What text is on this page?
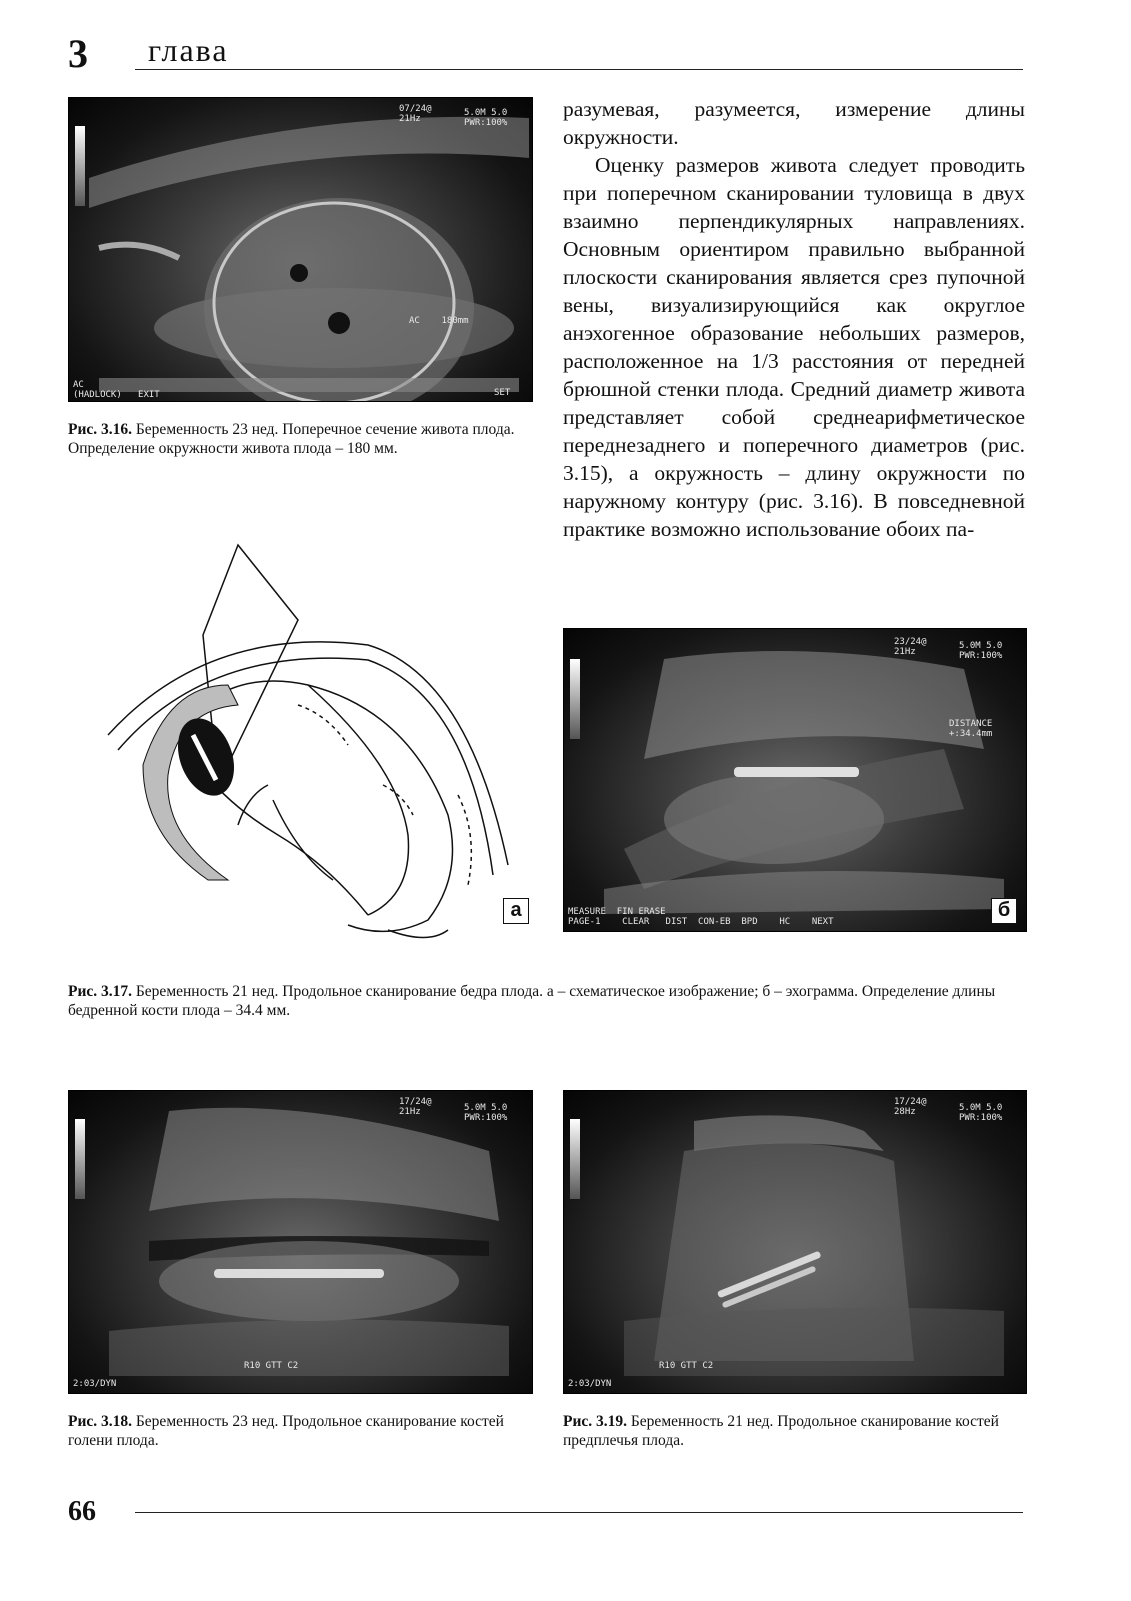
3 глава
07/24@
21Hz
5.0M 5.0
PWR:100%
AC    180mm
AC
(HADLOCK)   EXIT	SET
Рис. 3.16. Беременность 23 нед. Поперечное сечение живота плода. Определение окружности живота плода – 180 мм.

разумевая, разумеется, измерение длины окружности.

Оценку размеров живота следует проводить при поперечном сканировании туловища в двух взаимно перпендикулярных направлениях. Основным ориентиром правильно выбранной плоскости сканирования является срез пупочной вены, визуализирующийся как округлое анэхогенное образование небольших размеров, расположенное на 1/3 расстояния от передней брюшной стенки плода. Средний диаметр живота представляет собой среднеарифметическое переднезаднего и поперечного диаметров (рис. 3.15), а окружность – длину окружности по наружному контуру (рис. 3.16). В повседневной практике возможно использование обоих па-

а
23/24@
21Hz
5.0M 5.0
PWR:100%
DISTANCE
+:34.4mm
MEASURE  FIN ERASE
PAGE-1    CLEAR   DIST  CON-EB  BPD    HC    NEXT
б
Рис. 3.17. Беременность 21 нед. Продольное сканирование бедра плода. а – схематическое изображение; б – эхограмма. Определение длины бедренной кости плода – 34.4 мм.
17/24@
21Hz	5.0M 5.0
PWR:100%
R10 GTT C2
2:03/DYN
Рис. 3.18. Беременность 23 нед. Продольное сканирование костей голени плода.
17/24@
28Hz	5.0M 5.0
PWR:100%
R10 GTT C2
2:03/DYN
Рис. 3.19. Беременность 21 нед. Продольное сканирование костей предплечья плода.
66
